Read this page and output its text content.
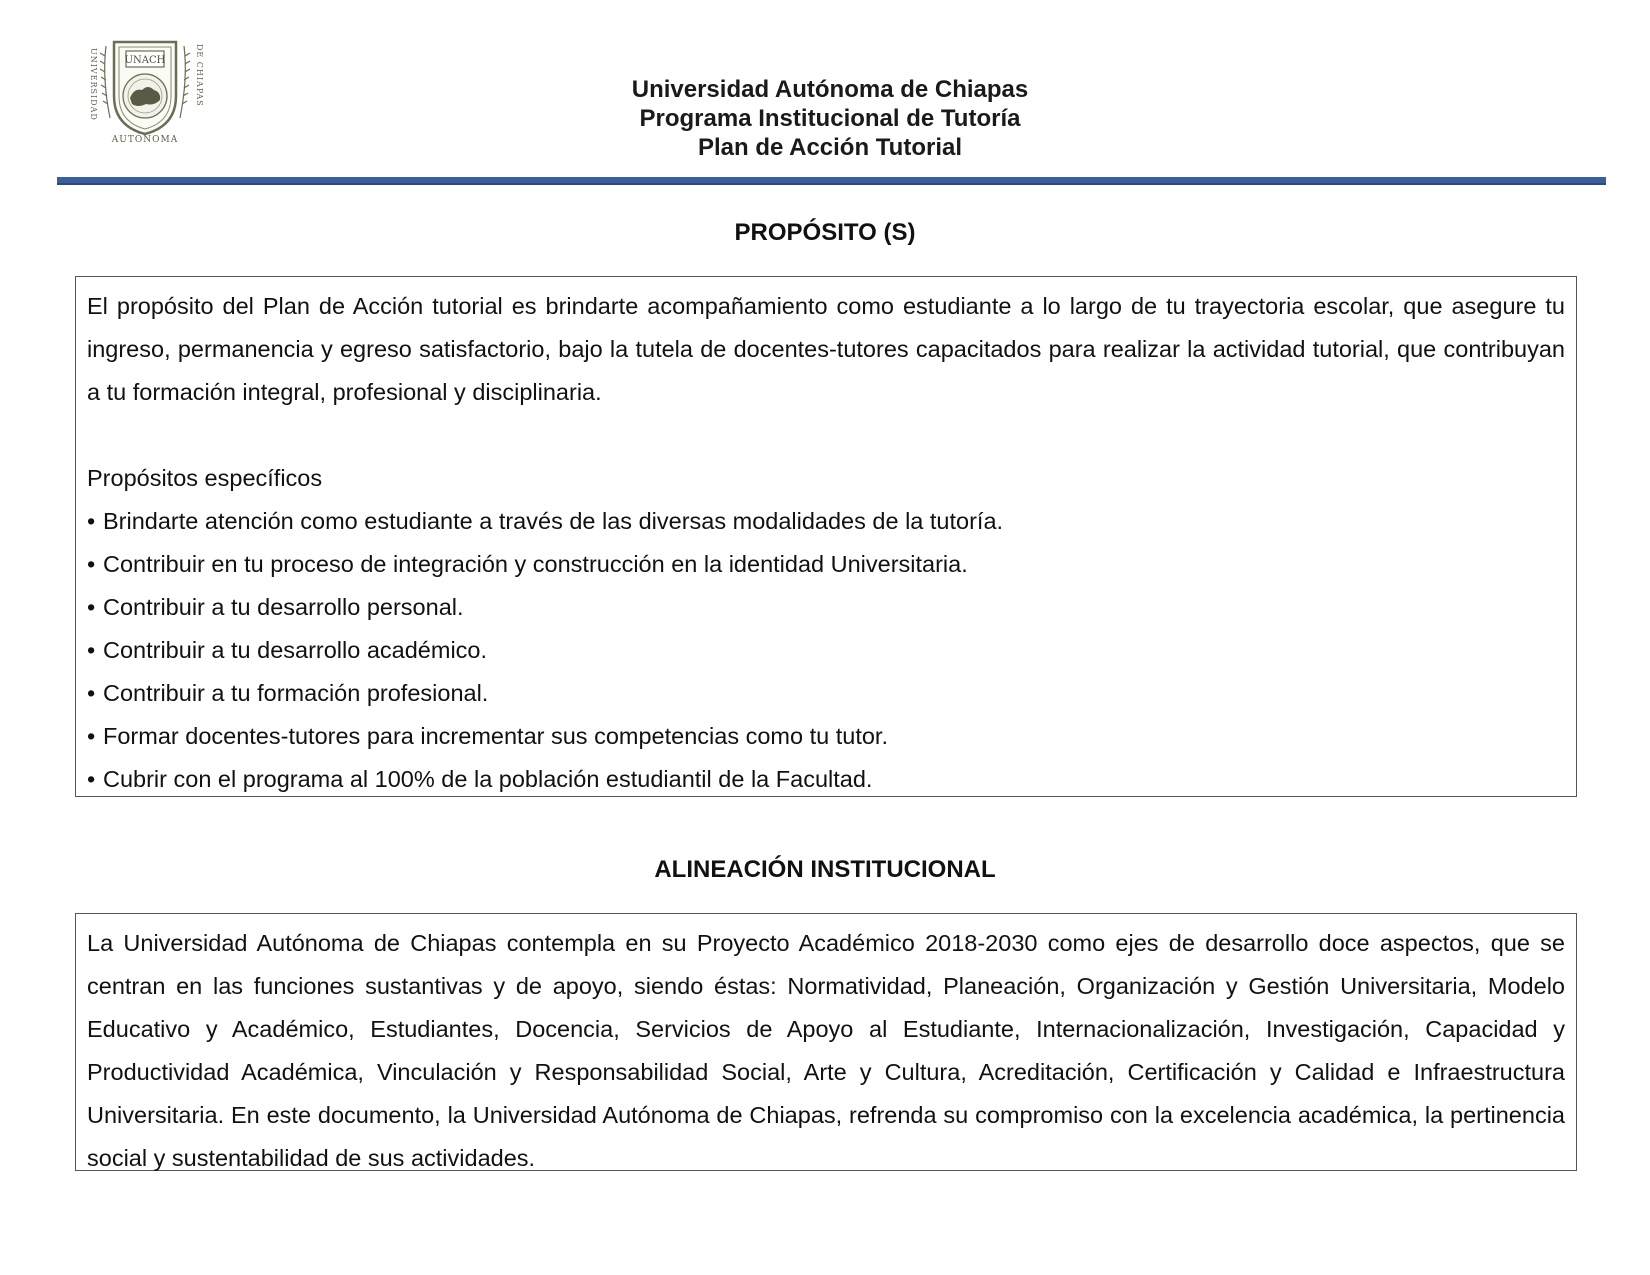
UNIVERSIDAD	DE CHIAPAS
UNACH
AUTÓNOMA
Universidad Autónoma de Chiapas
Programa Institucional de Tutoría
Plan de Acción Tutorial
PROPÓSITO (S)

El propósito del Plan de Acción tutorial es brindarte acompañamiento como estudiante a lo largo de tu trayectoria escolar, que asegure tu ingreso, permanencia y egreso satisfactorio, bajo la tutela de docentes-tutores capacitados para realizar la actividad tutorial, que contribuyan a tu formación integral, profesional y disciplinaria.

Propósitos específicos
• Brindarte atención como estudiante a través de las diversas modalidades de la tutoría.
• Contribuir en tu proceso de integración y construcción en la identidad Universitaria.
• Contribuir a tu desarrollo personal.
• Contribuir a tu desarrollo académico.
• Contribuir a tu formación profesional.
• Formar docentes-tutores para incrementar sus competencias como tu tutor.
• Cubrir con el programa al 100% de la población estudiantil de la Facultad.
ALINEACIÓN INSTITUCIONAL

La Universidad Autónoma de Chiapas contempla en su Proyecto Académico 2018-2030 como ejes de desarrollo doce aspectos, que se centran en las funciones sustantivas y de apoyo, siendo éstas: Normatividad, Planeación, Organización y Gestión Universitaria, Modelo Educativo y Académico, Estudiantes, Docencia, Servicios de Apoyo al Estudiante, Internacionalización, Investigación, Capacidad y Productividad Académica, Vinculación y Responsabilidad Social, Arte y Cultura, Acreditación, Certificación y Calidad e Infraestructura Universitaria. En este documento, la Universidad Autónoma de Chiapas, refrenda su compromiso con la excelencia académica, la pertinencia social y sustentabilidad de sus actividades.
